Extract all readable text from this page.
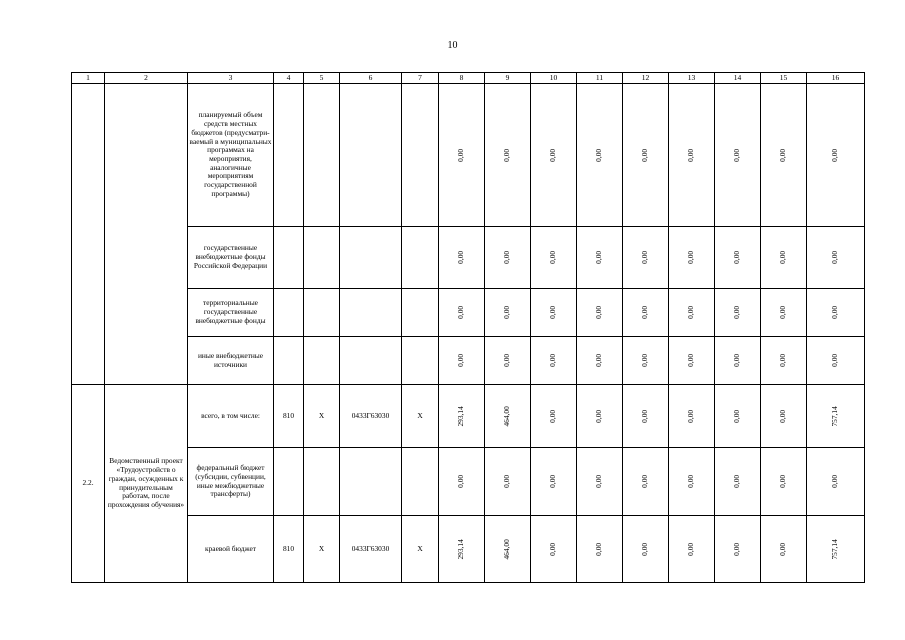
10
1	2	3	4	5	6	7	8	9	10	11	12	13	14	15	16
		планируемый объем средств местных бюджетов (предусматри-ваемый в муниципальных программах на мероприятия, аналогичные мероприятиям государственной программы)					0,00	0,00	0,00	0,00	0,00	0,00	0,00	0,00	0,00
		государственные внебюджетные фонды Российской Федерации					0,00	0,00	0,00	0,00	0,00	0,00	0,00	0,00	0,00
		территориальные государственные внебюджетные фонды					0,00	0,00	0,00	0,00	0,00	0,00	0,00	0,00	0,00
		иные внебюджетные источники					0,00	0,00	0,00	0,00	0,00	0,00	0,00	0,00	0,00
2.2.	Ведомственный проект «Трудоустройств о граждан, осужденных к принудительным работам, после прохождения обучения»	всего, в том числе:	810	X	0433Г63030	X	293,14	464,00	0,00	0,00	0,00	0,00	0,00	0,00	757,14
		федеральный бюджет (субсидии, субвенции, иные межбюджетные трансферты)					0,00	0,00	0,00	0,00	0,00	0,00	0,00	0,00	0,00
		краевой бюджет	810	X	0433Г63030	X	293,14	464,00	0,00	0,00	0,00	0,00	0,00	0,00	757,14
